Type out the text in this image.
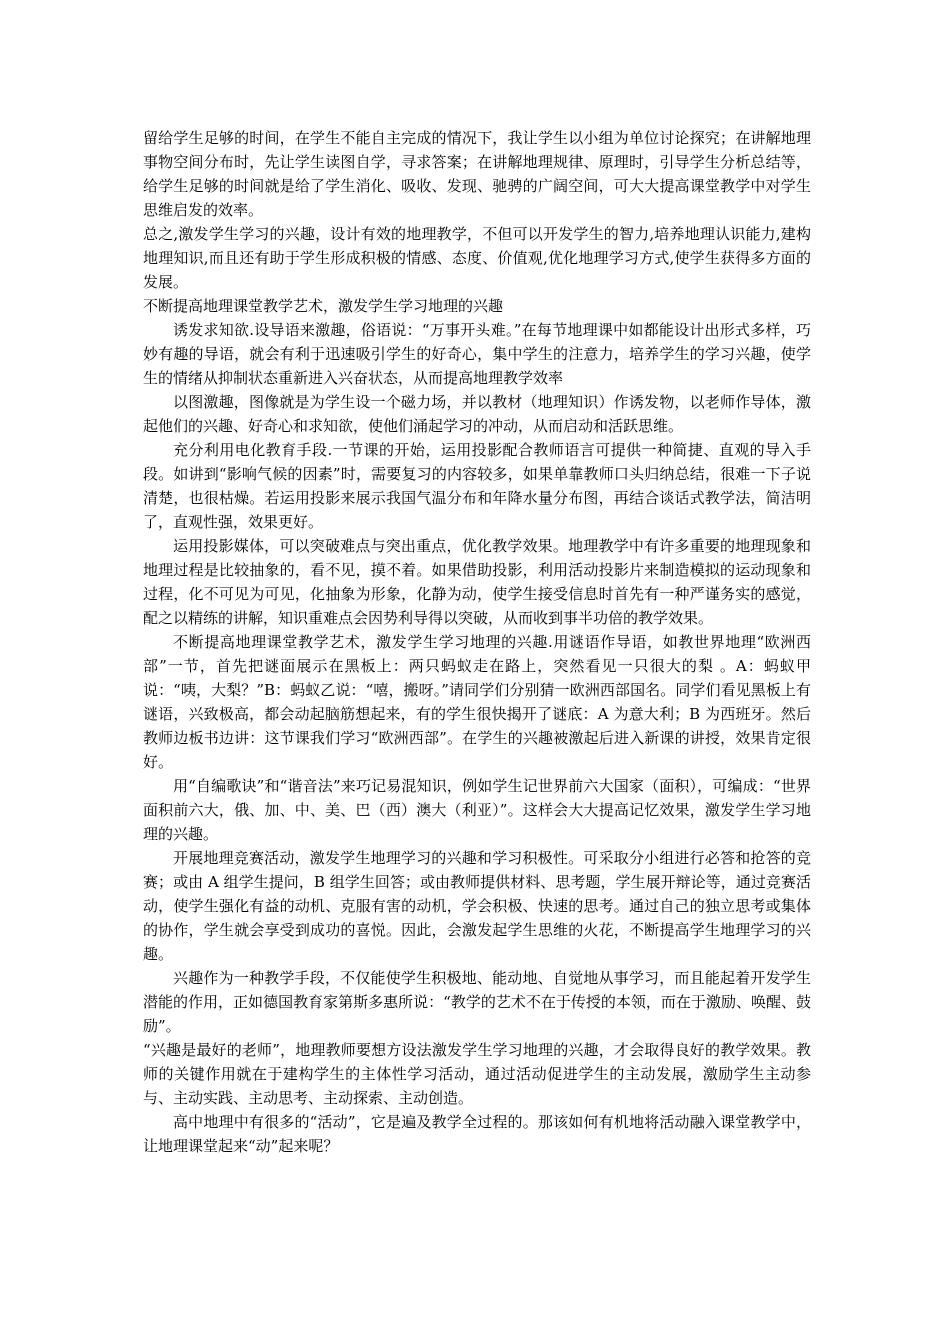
留给学生足够的时间，在学生不能自主完成的情况下，我让学生以小组为单位讨论探究；在讲解地理事物空间分布时，先让学生读图自学，寻求答案；在讲解地理规律、原理时，引导学生分析总结等，给学生足够的时间就是给了学生消化、吸收、发现、驰骋的广阔空间，可大大提高课堂教学中对学生思维启发的效率。

总之,激发学生学习的兴趣，设计有效的地理教学，不但可以开发学生的智力,培养地理认识能力,建构地理知识,而且还有助于学生形成积极的情感、态度、价值观,优化地理学习方式,使学生获得多方面的发展。

不断提高地理课堂教学艺术，激发学生学习地理的兴趣

诱发求知欲.设导语来激趣，俗语说：“万事开头难。”在每节地理课中如都能设计出形式多样，巧妙有趣的导语，就会有利于迅速吸引学生的好奇心，集中学生的注意力，培养学生的学习兴趣，使学生的情绪从抑制状态重新进入兴奋状态，从而提高地理教学效率

以图激趣，图像就是为学生设一个磁力场，并以教材（地理知识）作诱发物，以老师作导体，激起他们的兴趣、好奇心和求知欲，使他们涌起学习的冲动，从而启动和活跃思维。

充分利用电化教育手段.一节课的开始，运用投影配合教师语言可提供一种简捷、直观的导入手段。如讲到“影响气候的因素”时，需要复习的内容较多，如果单靠教师口头归纳总结，很难一下子说清楚，也很枯燥。若运用投影来展示我国气温分布和年降水量分布图，再结合谈话式教学法，简洁明了，直观性强，效果更好。

运用投影媒体，可以突破难点与突出重点，优化教学效果。地理教学中有许多重要的地理现象和地理过程是比较抽象的，看不见，摸不着。如果借助投影，利用活动投影片来制造模拟的运动现象和过程，化不可见为可见，化抽象为形象，化静为动，使学生接受信息时首先有一种严谨务实的感觉，配之以精练的讲解，知识重难点会因势利导得以突破，从而收到事半功倍的教学效果。

不断提高地理课堂教学艺术，激发学生学习地理的兴趣.用谜语作导语，如教世界地理“欧洲西部”一节，首先把谜面展示在黑板上：两只蚂蚁走在路上，突然看见一只很大的梨 。A：蚂蚁甲说：“咦，大梨？”B：蚂蚁乙说：“嘻，搬呀。”请同学们分别猜一欧洲西部国名。同学们看见黑板上有谜语，兴致极高，都会动起脑筋想起来，有的学生很快揭开了谜底：A 为意大利；B 为西班牙。然后教师边板书边讲：这节课我们学习“欧洲西部”。在学生的兴趣被激起后进入新课的讲授，效果肯定很好。

用“自编歌诀”和“谐音法”来巧记易混知识，例如学生记世界前六大国家（面积），可编成：“世界面积前六大，俄、加、中、美、巴（西）澳大（利亚）”。这样会大大提高记忆效果，激发学生学习地理的兴趣。

开展地理竞赛活动，激发学生地理学习的兴趣和学习积极性。可采取分小组进行必答和抢答的竞赛；或由 A 组学生提问，B 组学生回答；或由教师提供材料、思考题，学生展开辩论等，通过竞赛活动，使学生强化有益的动机、克服有害的动机，学会积极、快速的思考。通过自己的独立思考或集体的协作，学生就会享受到成功的喜悦。因此，会激发起学生思维的火花，不断提高学生地理学习的兴趣。

兴趣作为一种教学手段，不仅能使学生积极地、能动地、自觉地从事学习，而且能起着开发学生潜能的作用，正如德国教育家第斯多惠所说：“教学的艺术不在于传授的本领，而在于激励、唤醒、鼓励”。

“兴趣是最好的老师”，地理教师要想方设法激发学生学习地理的兴趣，才会取得良好的教学效果。教师的关键作用就在于建构学生的主体性学习活动，通过活动促进学生的主动发展，激励学生主动参与、主动实践、主动思考、主动探索、主动创造。

高中地理中有很多的“活动”，它是遍及教学全过程的。那该如何有机地将活动融入课堂教学中，让地理课堂起来“动”起来呢？
